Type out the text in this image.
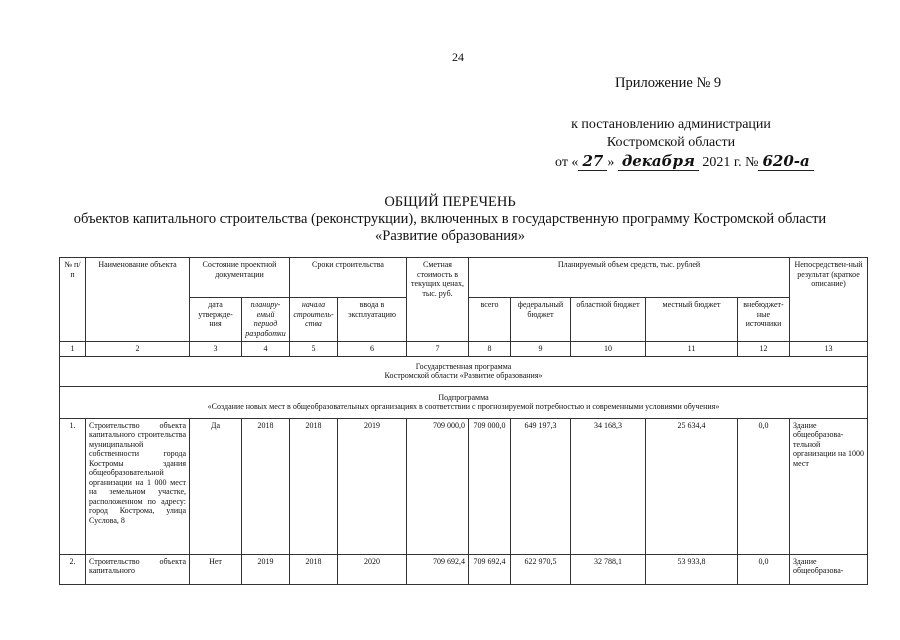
24
Приложение № 9
к постановлению администрации
Костромской области
от « 27 » декабря 2021 г. № 620-а
ОБЩИЙ ПЕРЕЧЕНЬ
объектов капитального строительства (реконструкции), включенных в государственную программу Костромской области
«Развитие образования»
№ п/п	Наименование объекта	Состояние проектной документации		Сроки строительства		Сметная стоимость в текущих ценах, тыс. руб.	Планируемый объем средств, тыс. рублей					Непосредствен-ный результат (краткое описание)
		дата утвержде-ния	планиру-емый период разработки	начала строитель-ства	ввода в эксплуатацию		всего	федеральный бюджет	областной бюджет	местный бюджет	внебюджет-ные источники	
1	2	3	4	5	6	7	8	9	10	11	12	13

Государственная программа
Костромской области «Развитие образования»												

Подпрограмма
«Создание новых мест в общеобразовательных организациях в соответствии с прогнозируемой потребностью и современными условиями обучения»												

1.	Строительство объекта капитального строительства муниципальной собственности города Костромы здания общеобразовательной организации на 1 000 мест на земельном участке, расположенном по адресу: город Кострома, улица Суслова, 8	Да	2018	2018	2019	709 000,0	709 000,0	649 197,3	34 168,3	25 634,4	0,0	Здание общеобразова-тельной организации на 1000 мест
2.	Строительство объекта капитального	Нет	2019	2018	2020	709 692,4	709 692,4	622 970,5	32 788,1	53 933,8	0,0	Здание общеобразова-
